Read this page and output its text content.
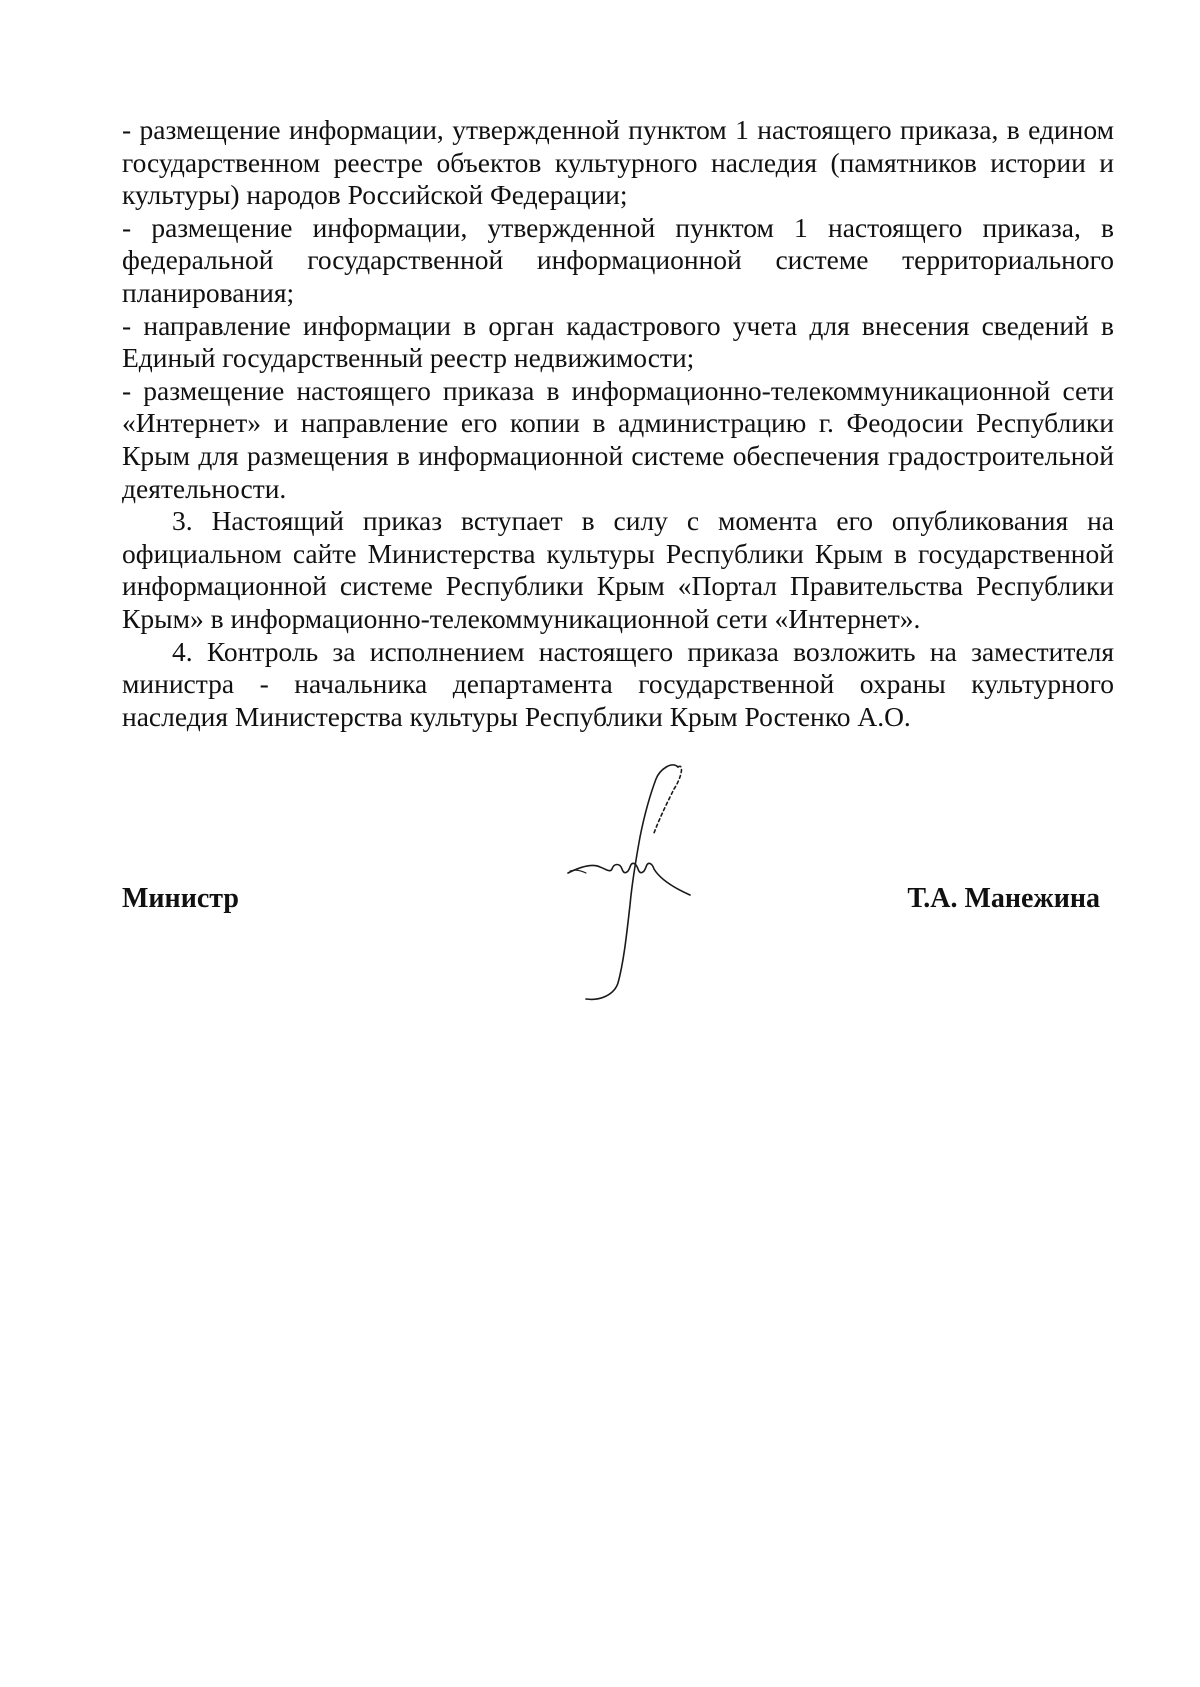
- размещение информации, утвержденной пунктом 1 настоящего приказа, в едином государственном реестре объектов культурного наследия (памятников истории и культуры) народов Российской Федерации;

- размещение информации, утвержденной пунктом 1 настоящего приказа, в федеральной государственной информационной системе территориального планирования;

- направление информации в орган кадастрового учета для внесения сведений в Единый государственный реестр недвижимости;

- размещение настоящего приказа в информационно-телекоммуникационной сети «Интернет» и направление его копии в администрацию г. Феодосии Республики Крым для размещения в информационной системе обеспечения градостроительной деятельности.

3. Настоящий приказ вступает в силу с момента его опубликования на официальном сайте Министерства культуры Республики Крым в государственной информационной системе Республики Крым «Портал Правительства Республики Крым» в информационно-телекоммуникационной сети «Интернет».

4. Контроль за исполнением настоящего приказа возложить на заместителя министра - начальника департамента государственной охраны культурного наследия Министерства культуры Республики Крым Ростенко А.О.

Министр	Т.А. Манежина
